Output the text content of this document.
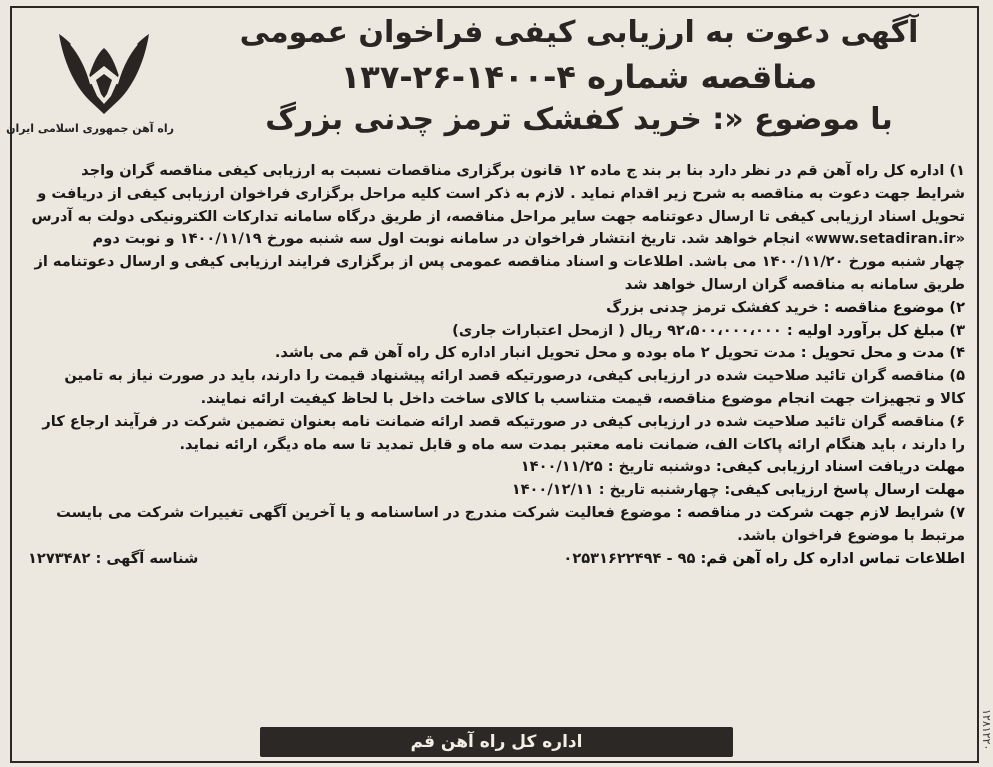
آگهی دعوت به ارزیابی کیفی فراخوان عمومی
مناقصه شماره ۴-۱۴۰۰-۲۶-۱۳۷
با موضوع «: خرید کفشک ترمز چدنی بزرگ
راه آهن جمهوری اسلامی ایران
۱) اداره کل راه آهن قم در نظر دارد بنا بر بند ج ماده ۱۲ قانون برگزاری مناقصات نسبت به ارزیابی کیفی مناقصه گران واجد
شرایط جهت دعوت به مناقصه به شرح زیر اقدام نماید . لازم به ذکر است کلیه مراحل برگزاری فراخوان ارزیابی کیفی از دریافت و
تحویل اسناد ارزیابی کیفی تا ارسال دعوتنامه جهت سایر مراحل مناقصه، از طریق درگاه سامانه تدارکات الکترونیکی دولت به آدرس
«www.setadiran.ir» انجام خواهد شد. تاریخ انتشار فراخوان در سامانه نوبت اول سه شنبه مورخ ۱۴۰۰/۱۱/۱۹ و نوبت دوم
چهار شنبه مورخ ۱۴۰۰/۱۱/۲۰ می باشد. اطلاعات و اسناد مناقصه عمومی پس از برگزاری فرایند ارزیابی کیفی و ارسال دعوتنامه از
طریق سامانه به مناقصه گران ارسال خواهد شد
۲) موضوع مناقصه : خرید کفشک ترمز چدنی بزرگ
۳) مبلغ کل برآورد اولیه : ۹۲،۵۰۰،۰۰۰،۰۰۰ ریال ( ازمحل اعتبارات جاری)
۴) مدت و محل تحویل : مدت تحویل ۲ ماه بوده و محل تحویل انبار اداره کل راه آهن قم می باشد.
۵) مناقصه گران تائید صلاحیت شده در ارزیابی کیفی، درصورتیکه قصد ارائه پیشنهاد قیمت را دارند، باید در صورت نیاز به تامین
کالا و تجهیزات جهت انجام موضوع مناقصه، قیمت متناسب با کالای ساخت داخل با لحاظ کیفیت ارائه نمایند.
۶) مناقصه گران تائید صلاحیت شده در ارزیابی کیفی در صورتیکه قصد ارائه ضمانت نامه بعنوان تضمین شرکت در فرآیند ارجاع کار
را دارند ، باید هنگام ارائه پاکات الف، ضمانت نامه معتبر بمدت سه ماه و قابل تمدید تا سه ماه دیگر، ارائه نماید.
مهلت دریافت اسناد ارزیابی کیفی: دوشنبه تاریخ : ۱۴۰۰/۱۱/۲۵
مهلت ارسال پاسخ ارزیابی کیفی: چهارشنبه تاریخ : ۱۴۰۰/۱۲/۱۱
۷) شرایط لازم جهت شرکت در مناقصه : موضوع فعالیت شرکت مندرج در اساسنامه و یا آخرین آگهی تغییرات شرکت می بایست
مرتبط با موضوع فراخوان باشد.
اطلاعات تماس اداره کل راه آهن قم: ۹۵ - ۰۲۵۳۱۶۲۲۴۹۴
شناسه آگهی : ۱۲۷۳۴۸۲
اداره کل راه آهن قم	۱۲۸۱۲۲۰
